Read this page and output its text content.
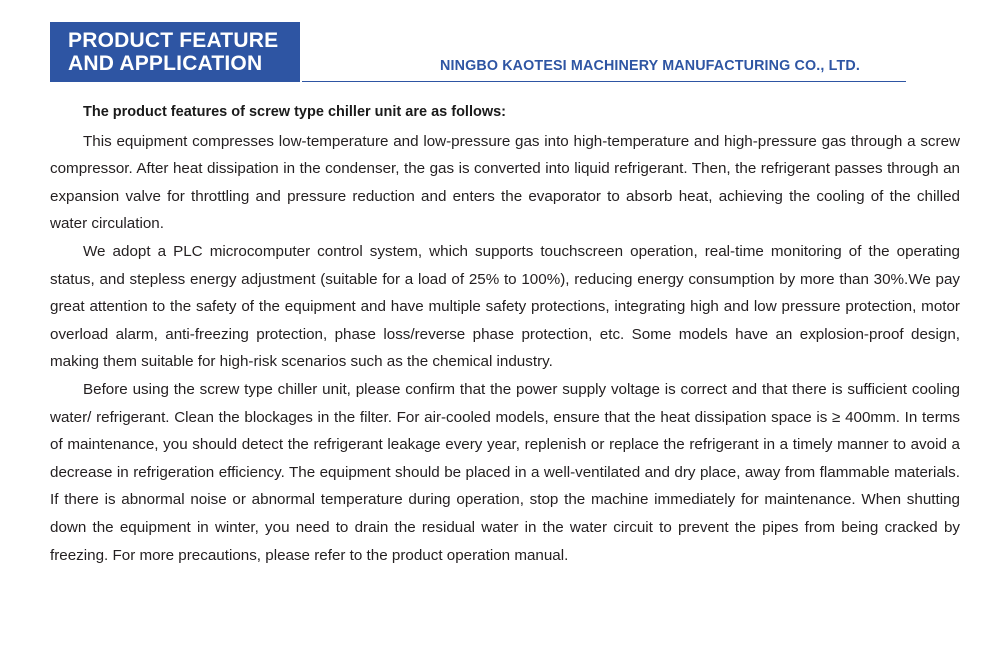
PRODUCT FEATURE
AND APPLICATION	NINGBO KAOTESI MACHINERY MANUFACTURING CO., LTD.

The product features of screw type chiller unit are as follows:

This equipment compresses low-temperature and low-pressure gas into high-temperature and high-pressure gas through a screw compressor. After heat dissipation in the condenser, the gas is converted into liquid refrigerant. Then, the refrigerant passes through an expansion valve for throttling and pressure reduction and enters the evaporator to absorb heat, achieving the cooling of the chilled water circulation.

We adopt a PLC microcomputer control system, which supports touchscreen operation, real-time monitoring of the operating status, and stepless energy adjustment (suitable for a load of 25% to 100%), reducing energy consumption by more than 30%.We pay great attention to the safety of the equipment and have multiple safety protections, integrating high and low pressure protection, motor overload alarm, anti-freezing protection, phase loss/reverse phase protection, etc. Some models have an explosion-proof design, making them suitable for high-risk scenarios such as the chemical industry.

Before using the screw type chiller unit, please confirm that the power supply voltage is correct and that there is sufficient cooling water/ refrigerant. Clean the blockages in the filter. For air-cooled models, ensure that the heat dissipation space is ≥ 400mm. In terms of maintenance, you should detect the refrigerant leakage every year, replenish or replace the refrigerant in a timely manner to avoid a decrease in refrigeration efficiency. The equipment should be placed in a well-ventilated and dry place, away from flammable materials. If there is abnormal noise or abnormal temperature during operation, stop the machine immediately for maintenance. When shutting down the equipment in winter, you need to drain the residual water in the water circuit to prevent the pipes from being cracked by freezing. For more precautions, please refer to the product operation manual.
